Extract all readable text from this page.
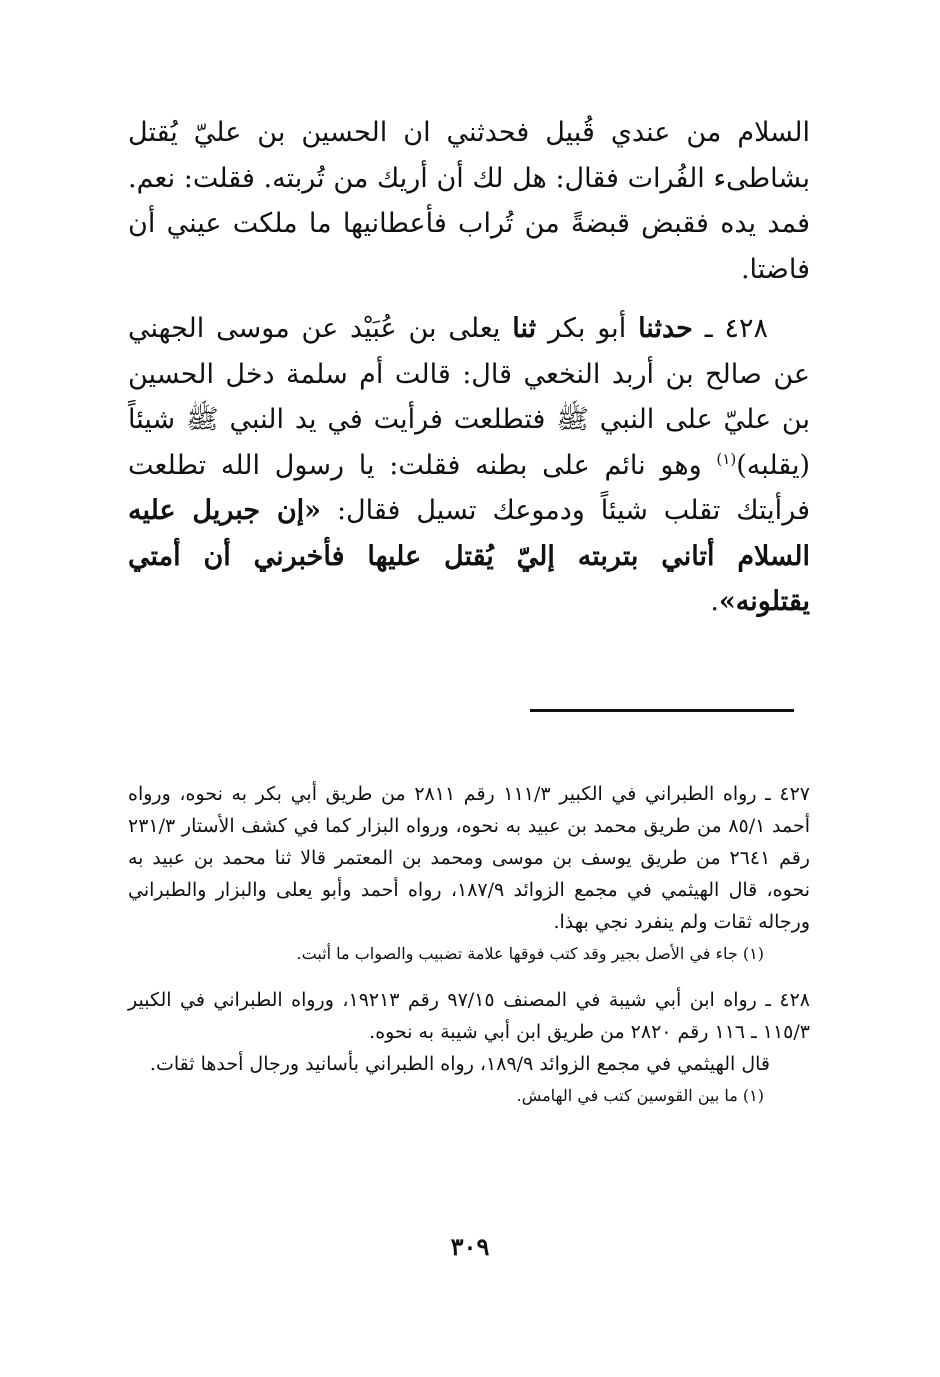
السلام من عندي قُبيل فحدثني ان الحسين بن عليّ يُقتل بشاطىء الفُرات فقال: هل لك أن أريك من تُربته. فقلت: نعم. فمد يده فقبض قبضةً من تُراب فأعطانيها ما ملكت عيني أن فاضتا.

٤٢٨ ـ حدثنا أبو بكر ثنا يعلى بن عُبَيْد عن موسى الجهني عن صالح بن أربد النخعي قال: قالت أم سلمة دخل الحسين بن عليّ على النبي ﷺ فتطلعت فرأيت في يد النبي ﷺ شيئاً (يقلبه)$^{(١)}$ وهو نائم على بطنه فقلت: يا رسول الله تطلعت فرأيتك تقلب شيئاً ودموعك تسيل فقال: «إن جبريل عليه السلام أتاني بتربته إليّ يُقتل عليها فأخبرني أن أمتي يقتلونه».

٤٢٧ ـ رواه الطبراني في الكبير ١١١/٣ رقم ٢٨١١ من طريق أبي بكر به نحوه، ورواه أحمد ٨٥/١ من طريق محمد بن عبيد به نحوه، ورواه البزار كما في كشف الأستار ٢٣١/٣ رقم ٢٦٤١ من طريق يوسف بن موسى ومحمد بن المعتمر قالا ثنا محمد بن عبيد به نحوه، قال الهيثمي في مجمع الزوائد ١٨٧/٩، رواه أحمد وأبو يعلى والبزار والطبراني ورجاله ثقات ولم ينفرد نجي بهذا.

(١) جاء في الأصل بجير وقد كتب فوقها علامة تضبيب والصواب ما أثبت.

٤٢٨ ـ رواه ابن أبي شيبة في المصنف ٩٧/١٥ رقم ١٩٢١٣، ورواه الطبراني في الكبير ١١٥/٣ ـ ١١٦ رقم ٢٨٢٠ من طريق ابن أبي شيبة به نحوه.

قال الهيثمي في مجمع الزوائد ١٨٩/٩، رواه الطبراني بأسانيد ورجال أحدها ثقات.

(١) ما بين القوسين كتب في الهامش.

٣٠٩
